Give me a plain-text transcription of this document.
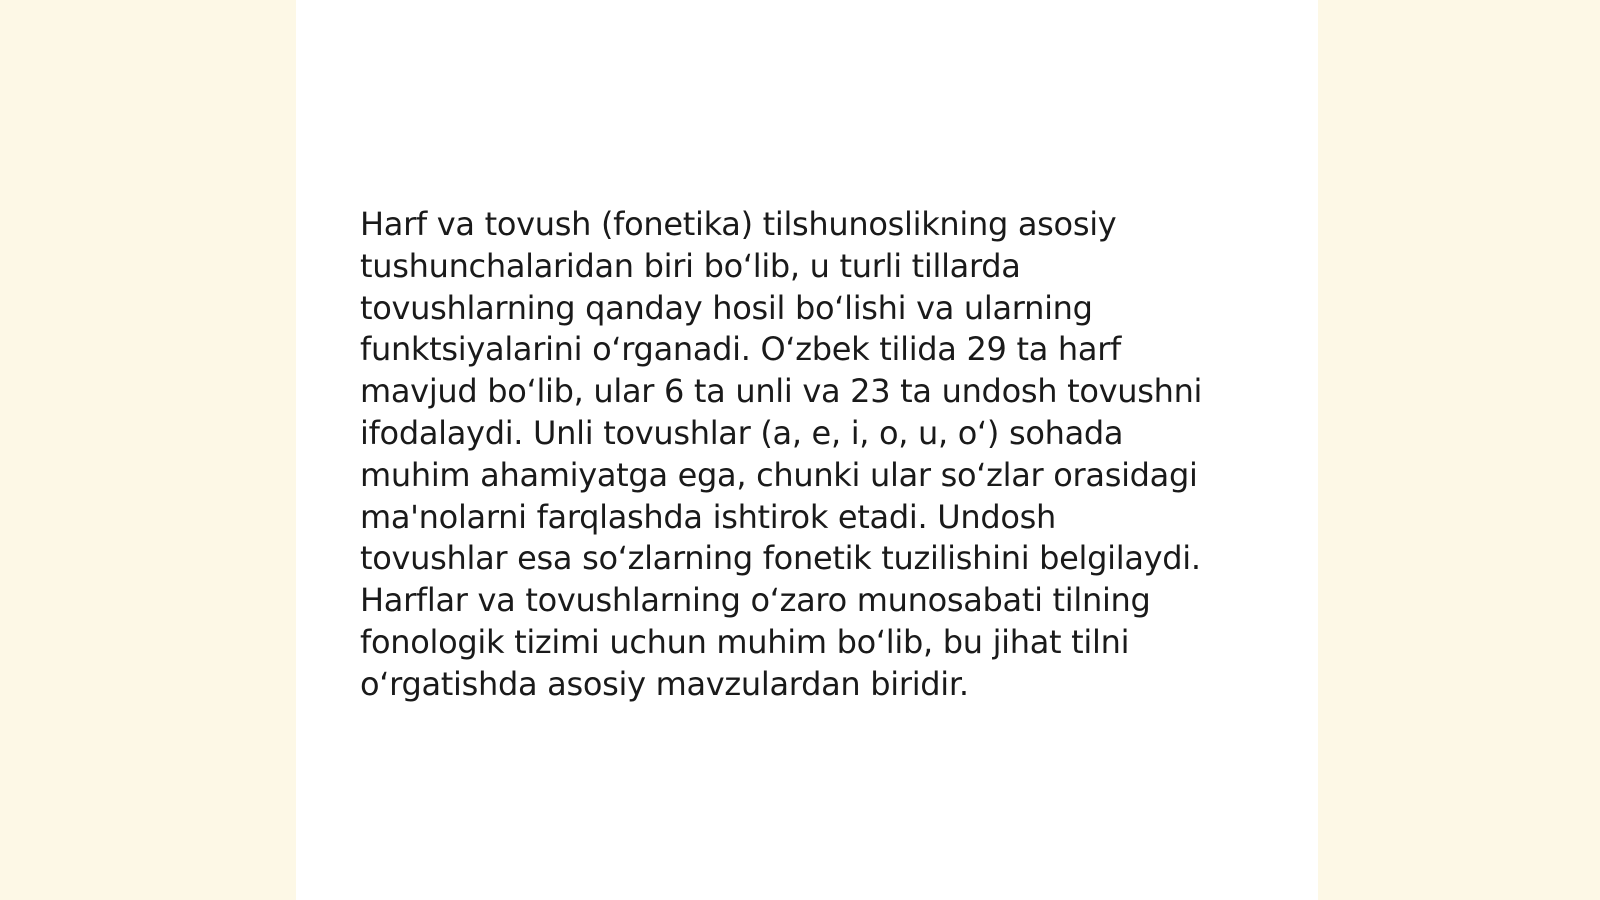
Harf va tovush (fonetika) tilshunoslikning asosiy
tushunchalaridan biri bo‘lib, u turli tillarda
tovushlarning qanday hosil bo‘lishi va ularning
funktsiyalarini o‘rganadi. O‘zbek tilida 29 ta harf
mavjud bo‘lib, ular 6 ta unli va 23 ta undosh tovushni
ifodalaydi. Unli tovushlar (a, e, i, o, u, o‘) sohada
muhim ahamiyatga ega, chunki ular so‘zlar orasidagi
ma'nolarni farqlashda ishtirok etadi. Undosh
tovushlar esa so‘zlarning fonetik tuzilishini belgilaydi.
Harflar va tovushlarning o‘zaro munosabati tilning
fonologik tizimi uchun muhim bo‘lib, bu jihat tilni
o‘rgatishda asosiy mavzulardan biridir.
